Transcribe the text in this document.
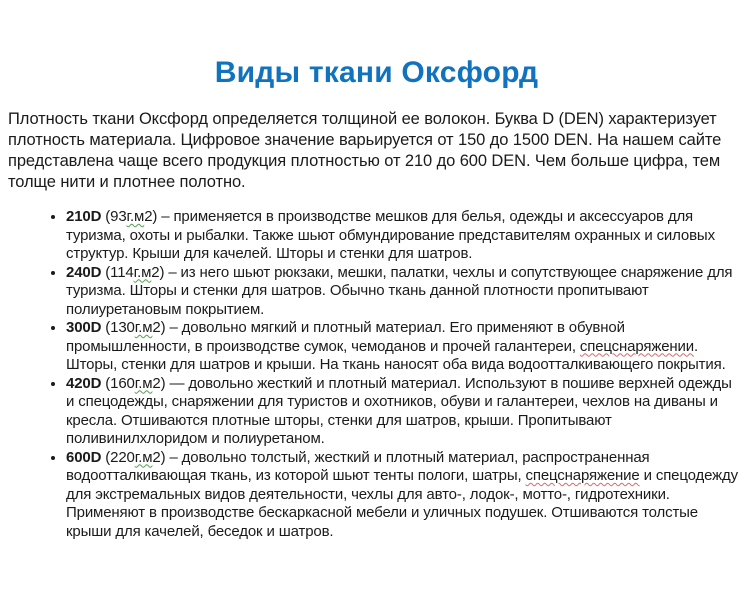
Виды ткани Оксфорд

Плотность ткани Оксфорд определяется толщиной ее волокон. Буква D (DEN) характеризует плотность материала. Цифровое значение варьируется от 150 до 1500 DEN. На нашем сайте представлена чаще всего продукция плотностью от 210 до 600 DEN. Чем больше цифра, тем толще нити и плотнее полотно.

• 210D (93г.м2) – применяется в производстве мешков для белья, одежды и аксессуаров для туризма, охоты и рыбалки. Также шьют обмундирование представителям охранных и силовых структур. Крыши для качелей. Шторы и стенки для шатров.
• 240D (114г.м2) – из него шьют рюкзаки, мешки, палатки, чехлы и сопутствующее снаряжение для туризма. Шторы и стенки для шатров. Обычно ткань данной плотности пропитывают полиуретановым покрытием.
• 300D (130г.м2) – довольно мягкий и плотный материал. Его применяют в обувной промышленности, в производстве сумок, чемоданов и прочей галантереи, спецснаряжении. Шторы, стенки для шатров и крыши. На ткань наносят оба вида водоотталкивающего покрытия.
• 420D (160г.м2) — довольно жесткий и плотный материал. Используют в пошиве верхней одежды и спецодежды, снаряжении для туристов и охотников, обуви и галантереи, чехлов на диваны и кресла. Отшиваются плотные шторы, стенки для шатров, крыши. Пропитывают поливинилхлоридом и полиуретаном.
• 600D (220г.м2) – довольно толстый, жесткий и плотный материал, распространенная водоотталкивающая ткань, из которой шьют тенты пологи, шатры, спецснаряжение и спецодежду для экстремальных видов деятельности, чехлы для авто-, лодок-, мотто-, гидротехники. Применяют в производстве бескаркасной мебели и уличных подушек. Отшиваются толстые крыши для качелей, беседок и шатров.
